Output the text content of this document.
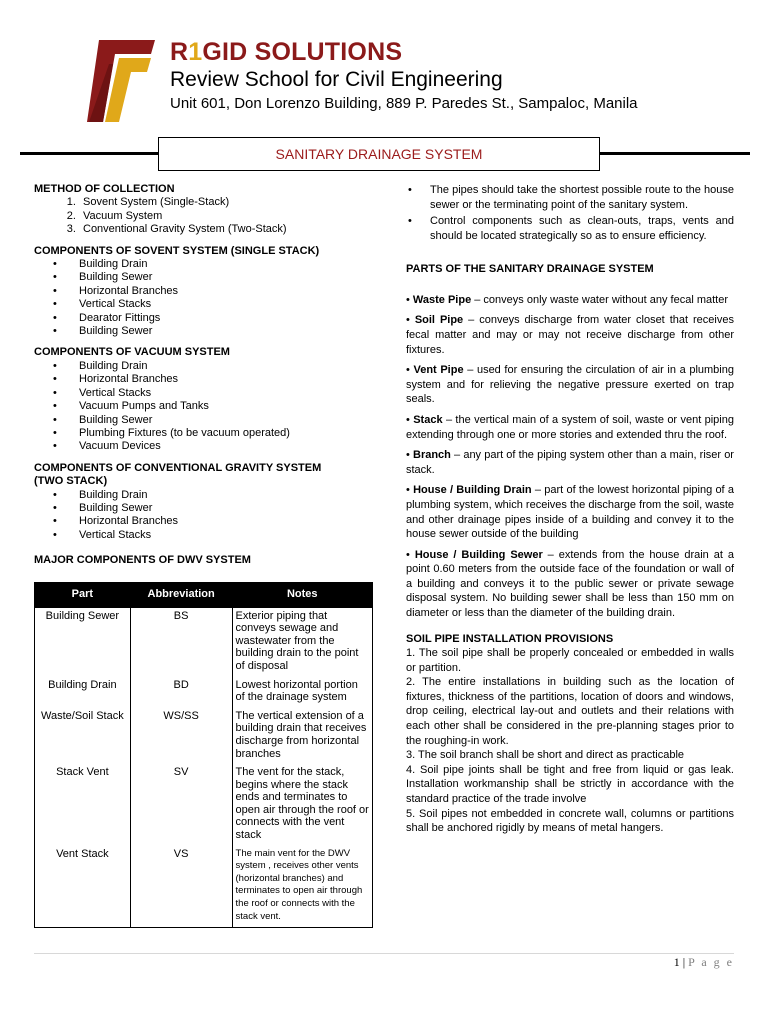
R1GID SOLUTIONS
Review School for Civil Engineering
Unit 601, Don Lorenzo Building, 889 P. Paredes St., Sampaloc, Manila
SANITARY DRAINAGE SYSTEM

METHOD OF COLLECTION

1. Sovent System (Single-Stack)
2. Vacuum System
3. Conventional Gravity System (Two-Stack)

COMPONENTS OF SOVENT SYSTEM (SINGLE STACK)

• Building Drain
• Building Sewer
• Horizontal Branches
• Vertical Stacks
• Dearator Fittings
• Building Sewer

COMPONENTS OF VACUUM SYSTEM

• Building Drain
• Horizontal Branches
• Vertical Stacks
• Vacuum Pumps and Tanks
• Building Sewer
• Plumbing Fixtures (to be vacuum operated)
• Vacuum Devices

COMPONENTS OF CONVENTIONAL GRAVITY SYSTEM (TWO STACK)

• Building Drain
• Building Sewer
• Horizontal Branches
• Vertical Stacks

MAJOR COMPONENTS OF DWV SYSTEM

Part	Abbreviation	Notes
Building Sewer	BS	Exterior piping that conveys sewage and wastewater from the building drain to the point of disposal
Building Drain	BD	Lowest horizontal portion of the drainage system
Waste/Soil Stack	WS/SS	The vertical extension of a building drain that receives discharge from horizontal branches
Stack Vent	SV	The vent for the stack, begins where the stack ends and terminates to open air through the roof or connects with the vent stack
Vent Stack	VS	The main vent for the DWV system , receives other vents (horizontal branches) and terminates to open air through the roof or connects with the stack vent.
• The pipes should take the shortest possible route to the house sewer or the terminating point of the sanitary system.
• Control components such as clean-outs, traps, vents and should be located strategically so as to ensure efficiency.

PARTS OF THE SANITARY DRAINAGE SYSTEM

• Waste Pipe – conveys only waste water without any fecal matter

• Soil Pipe – conveys discharge from water closet that receives fecal matter and may or may not receive discharge from other fixtures.

• Vent Pipe – used for ensuring the circulation of air in a plumbing system and for relieving the negative pressure exerted on trap seals.

• Stack – the vertical main of a system of soil, waste or vent piping extending through one or more stories and extended thru the roof.

• Branch – any part of the piping system other than a main, riser or stack.

• House / Building Drain – part of the lowest horizontal piping of a plumbing system, which receives the discharge from the soil, waste and other drainage pipes inside of a building and convey it to the house sewer outside of the building

• House / Building Sewer – extends from the house drain at a point 0.60 meters from the outside face of the foundation or wall of a building and conveys it to the public sewer or private sewage disposal system. No building sewer shall be less than 150 mm on diameter or less than the diameter of the building drain.

SOIL PIPE INSTALLATION PROVISIONS

1. The soil pipe shall be properly concealed or embedded in walls or partition.

2. The entire installations in building such as the location of fixtures, thickness of the partitions, location of doors and windows, drop ceiling, electrical lay-out and outlets and their relations with each other shall be considered in the pre-planning stages prior to the roughing-in work.

3. The soil branch shall be short and direct as practicable

4. Soil pipe joints shall be tight and free from liquid or gas leak. Installation workmanship shall be strictly in accordance with the standard practice of the trade involve

5. Soil pipes not embedded in concrete wall, columns or partitions shall be anchored rigidly by means of metal hangers.

1 | P a g e
